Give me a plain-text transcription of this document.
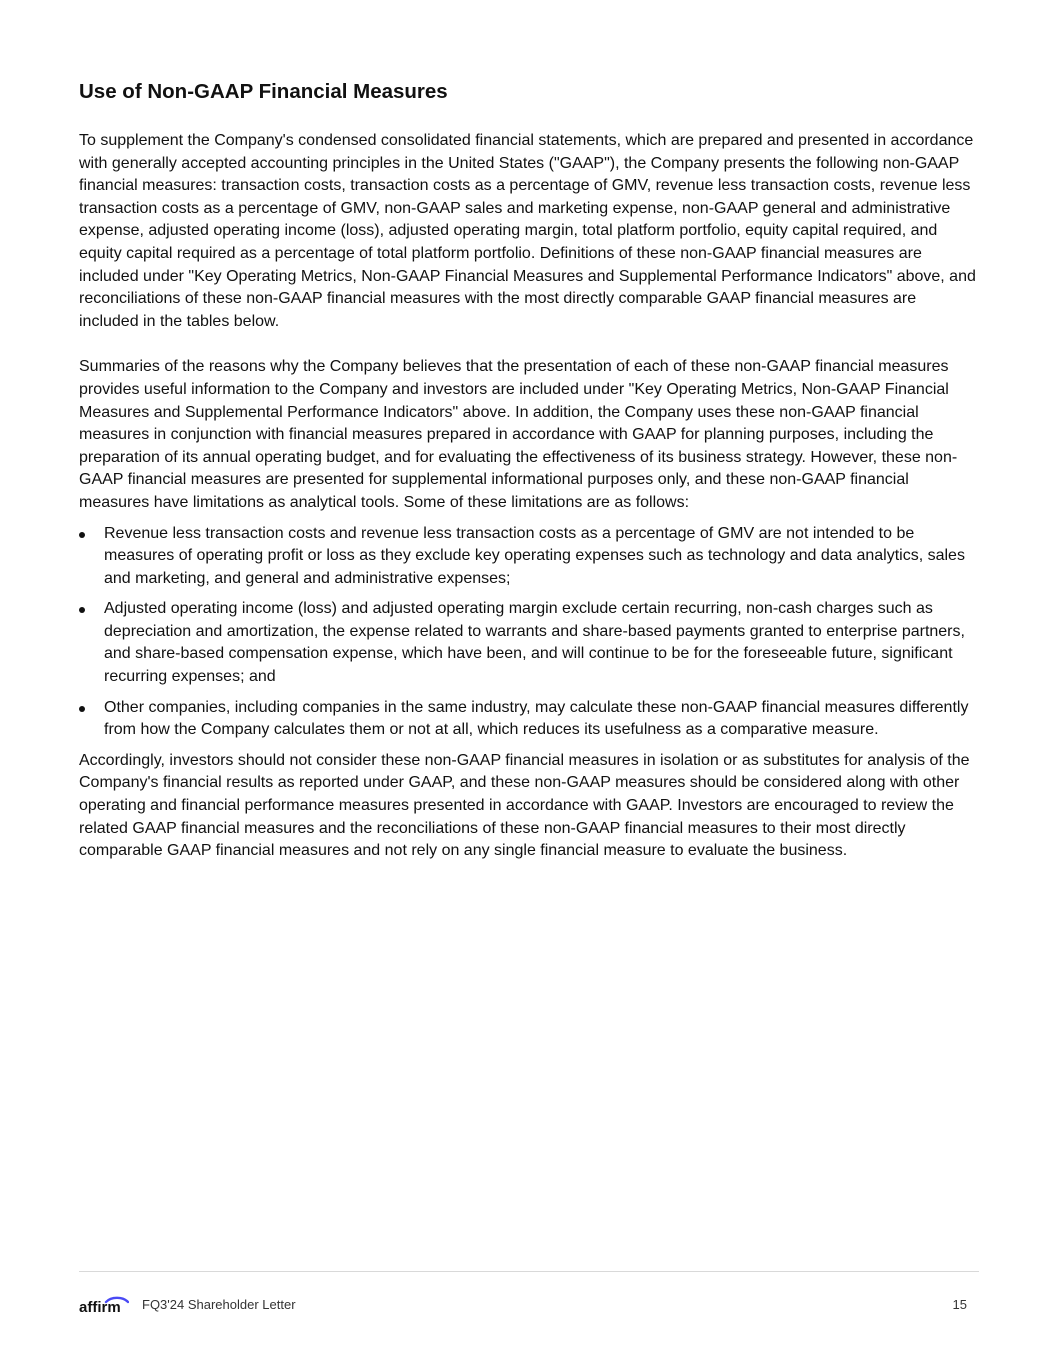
Use of Non-GAAP Financial Measures

To supplement the Company's condensed consolidated financial statements, which are prepared and presented in accordance with generally accepted accounting principles in the United States ("GAAP"), the Company presents the following non-GAAP financial measures: transaction costs, transaction costs as a percentage of GMV, revenue less transaction costs, revenue less transaction costs as a percentage of GMV, non-GAAP sales and marketing expense, non-GAAP general and administrative expense, adjusted operating income (loss), adjusted operating margin, total platform portfolio, equity capital required, and equity capital required as a percentage of total platform portfolio. Definitions of these non-GAAP financial measures are included under "Key Operating Metrics, Non-GAAP Financial Measures and Supplemental Performance Indicators" above, and reconciliations of these non-GAAP financial measures with the most directly comparable GAAP financial measures are included in the tables below.

Summaries of the reasons why the Company believes that the presentation of each of these non-GAAP financial measures provides useful information to the Company and investors are included under "Key Operating Metrics, Non-GAAP Financial Measures and Supplemental Performance Indicators" above. In addition, the Company uses these non-GAAP financial measures in conjunction with financial measures prepared in accordance with GAAP for planning purposes, including the preparation of its annual operating budget, and for evaluating the effectiveness of its business strategy. However, these non-GAAP financial measures are presented for supplemental informational purposes only, and these non-GAAP financial measures have limitations as analytical tools. Some of these limitations are as follows:

Revenue less transaction costs and revenue less transaction costs as a percentage of GMV are not intended to be measures of operating profit or loss as they exclude key operating expenses such as technology and data analytics, sales and marketing, and general and administrative expenses;
Adjusted operating income (loss) and adjusted operating margin exclude certain recurring, non-cash charges such as depreciation and amortization, the expense related to warrants and share-based payments granted to enterprise partners, and share-based compensation expense, which have been, and will continue to be for the foreseeable future, significant recurring expenses; and
Other companies, including companies in the same industry, may calculate these non-GAAP financial measures differently from how the Company calculates them or not at all, which reduces its usefulness as a comparative measure.

Accordingly, investors should not consider these non-GAAP financial measures in isolation or as substitutes for analysis of the Company's financial results as reported under GAAP, and these non-GAAP measures should be considered along with other operating and financial performance measures presented in accordance with GAAP. Investors are encouraged to review the related GAAP financial measures and the reconciliations of these non-GAAP financial measures to their most directly comparable GAAP financial measures and not rely on any single financial measure to evaluate the business.

affirm FQ3'24 Shareholder Letter	15
